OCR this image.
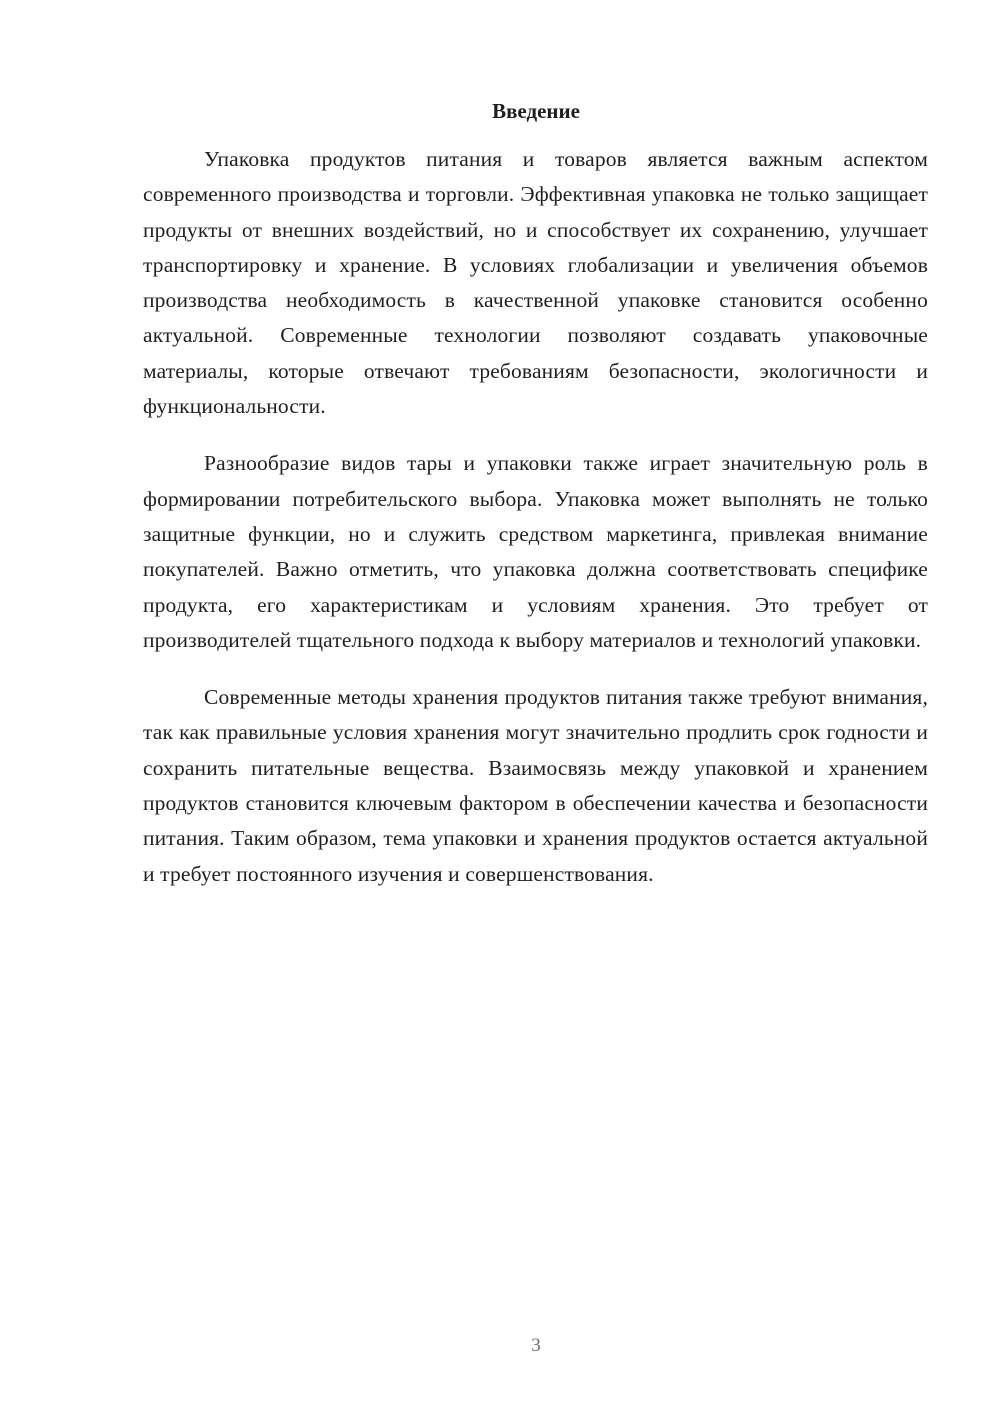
Введение

Упаковка продуктов питания и товаров является важным аспектом современного производства и торговли. Эффективная упаковка не только защищает продукты от внешних воздействий, но и способствует их сохранению, улучшает транспортировку и хранение. В условиях глобализации и увеличения объемов производства необходимость в качественной упаковке становится особенно актуальной. Современные технологии позволяют создавать упаковочные материалы, которые отвечают требованиям безопасности, экологичности и функциональности.

Разнообразие видов тары и упаковки также играет значительную роль в формировании потребительского выбора. Упаковка может выполнять не только защитные функции, но и служить средством маркетинга, привлекая внимание покупателей. Важно отметить, что упаковка должна соответствовать специфике продукта, его характеристикам и условиям хранения. Это требует от производителей тщательного подхода к выбору материалов и технологий упаковки.

Современные методы хранения продуктов питания также требуют внимания, так как правильные условия хранения могут значительно продлить срок годности и сохранить питательные вещества. Взаимосвязь между упаковкой и хранением продуктов становится ключевым фактором в обеспечении качества и безопасности питания. Таким образом, тема упаковки и хранения продуктов остается актуальной и требует постоянного изучения и совершенствования.

3
